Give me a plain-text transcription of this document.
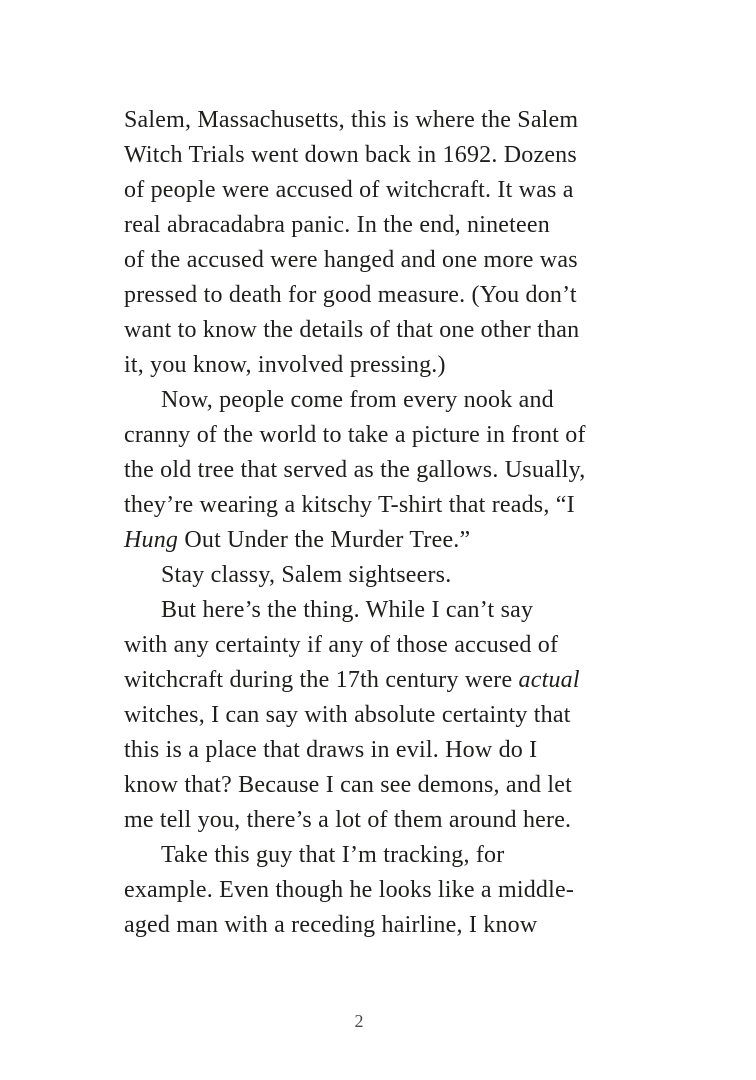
Salem, Massachusetts, this is where the Salem
Witch Trials went down back in 1692. Dozens
of people were accused of witchcraft. It was a
real abracadabra panic. In the end, nineteen
of the accused were hanged and one more was
pressed to death for good measure. (You don’t
want to know the details of that one other than
it, you know, involved pressing.)
Now, people come from every nook and
cranny of the world to take a picture in front of
the old tree that served as the gallows. Usually,
they’re wearing a kitschy T-shirt that reads, “I
Hung Out Under the Murder Tree.”
Stay classy, Salem sightseers.
But here’s the thing. While I can’t say
with any certainty if any of those accused of
witchcraft during the 17th century were actual
witches, I can say with absolute certainty that
this is a place that draws in evil. How do I
know that? Because I can see demons, and let
me tell you, there’s a lot of them around here.
Take this guy that I’m tracking, for
example. Even though he looks like a middle-
aged man with a receding hairline, I know
2
